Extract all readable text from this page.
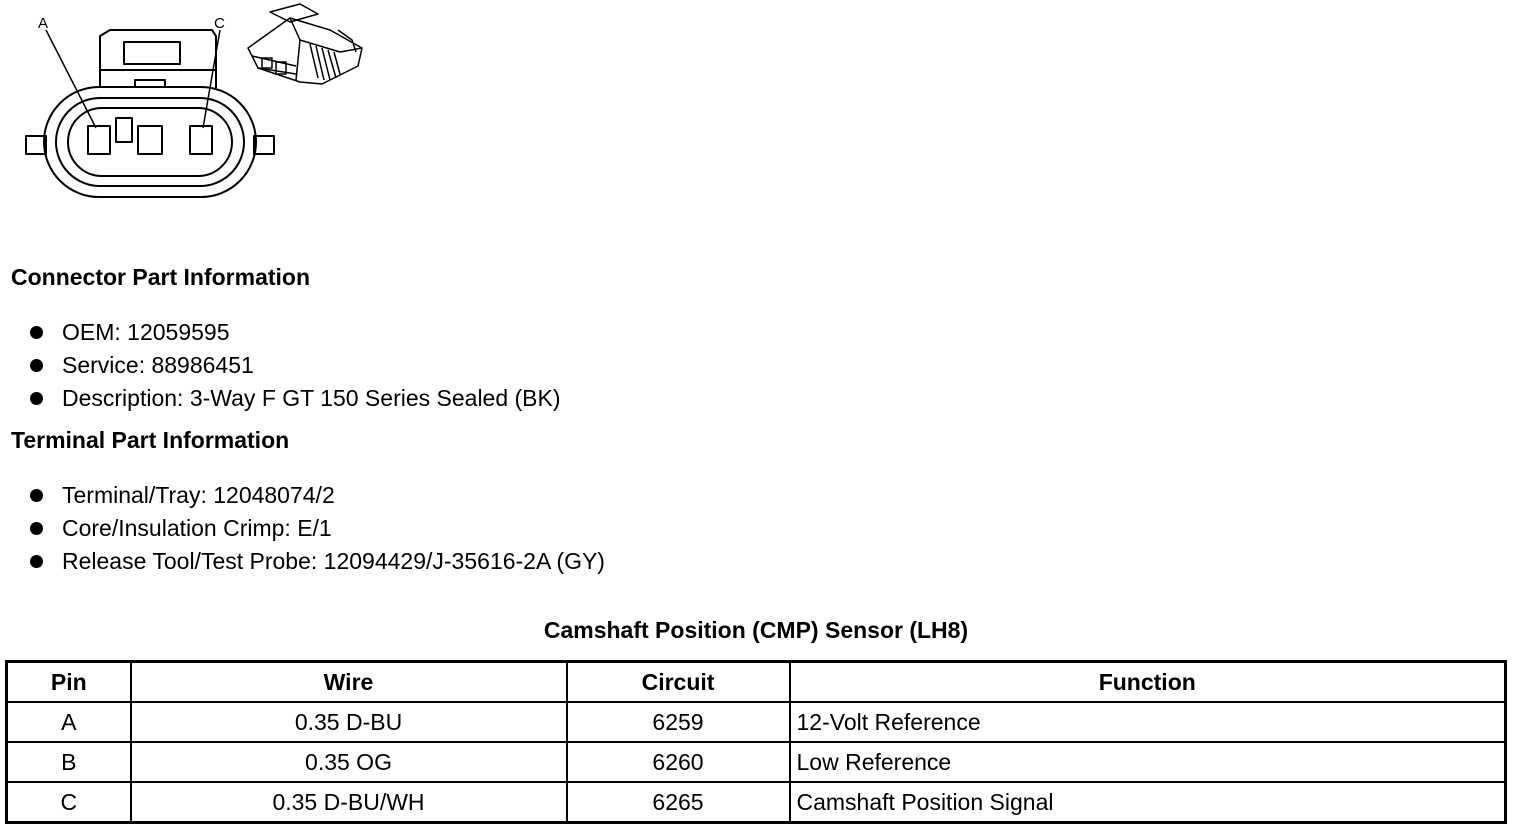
A	C
Connector Part Information
OEM: 12059595
Service: 88986451
Description: 3-Way F GT 150 Series Sealed (BK)
Terminal Part Information
Terminal/Tray: 12048074/2
Core/Insulation Crimp: E/1
Release Tool/Test Probe: 12094429/J-35616-2A (GY)
Camshaft Position (CMP) Sensor (LH8)
Pin	Wire	Circuit	Function
A	0.35 D-BU	6259	12-Volt Reference
B	0.35 OG	6260	Low Reference
C	0.35 D-BU/WH	6265	Camshaft Position Signal
